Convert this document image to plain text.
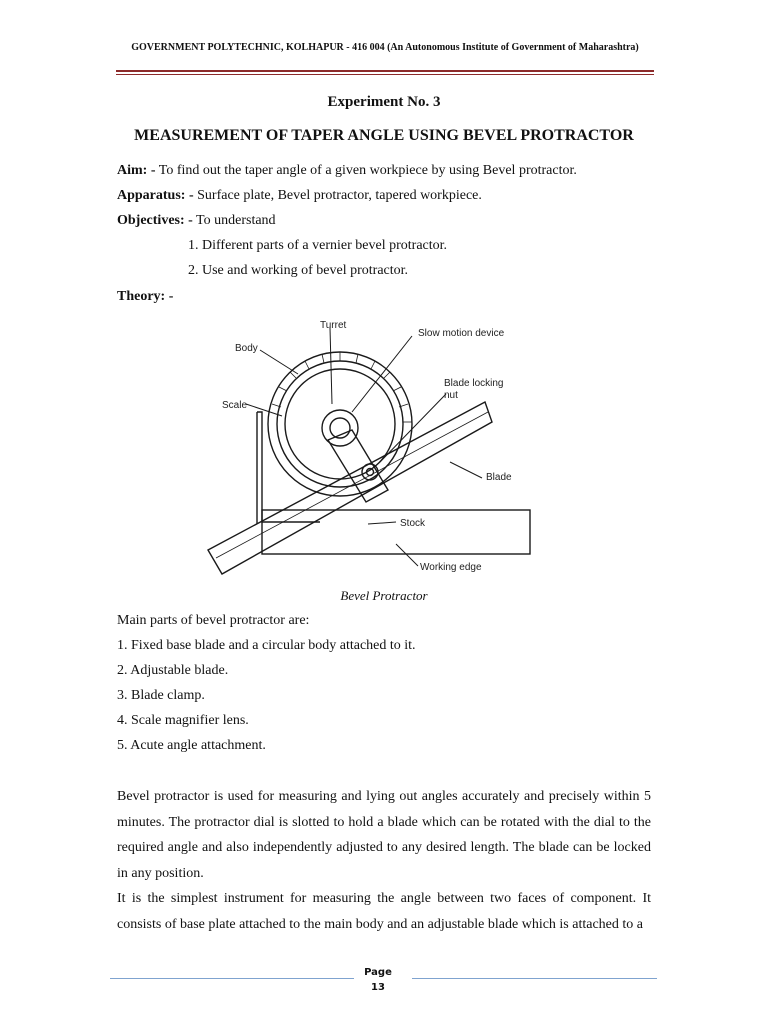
GOVERNMENT POLYTECHNIC, KOLHAPUR - 416 004 (An Autonomous Institute of Government of Maharashtra)
Experiment No. 3
MEASUREMENT OF TAPER ANGLE USING BEVEL PROTRACTOR
Aim: - To find out the taper angle of a given workpiece by using Bevel protractor.
Apparatus: - Surface plate, Bevel protractor, tapered workpiece.
Objectives: - To understand
1. Different parts of a vernier bevel protractor.
2. Use and working of bevel protractor.
Theory: -
Turret
Body
Slow motion device
Blade locking
nut
Scale
Blade
Stock
Working edge
Bevel Protractor
Main parts of bevel protractor are:
1. Fixed base blade and a circular body attached to it.
2. Adjustable blade.
3. Blade clamp.
4. Scale magnifier lens.
5. Acute angle attachment.
Bevel protractor is used for measuring and lying out angles accurately and precisely within 5 minutes. The protractor dial is slotted to hold a blade which can be rotated with the dial to the required angle and also independently adjusted to any desired length. The blade can be locked in any position.
It is the simplest instrument for measuring the angle between two faces of component. It consists of base plate attached to the main body and an adjustable blade which is attached to a
Page
13
